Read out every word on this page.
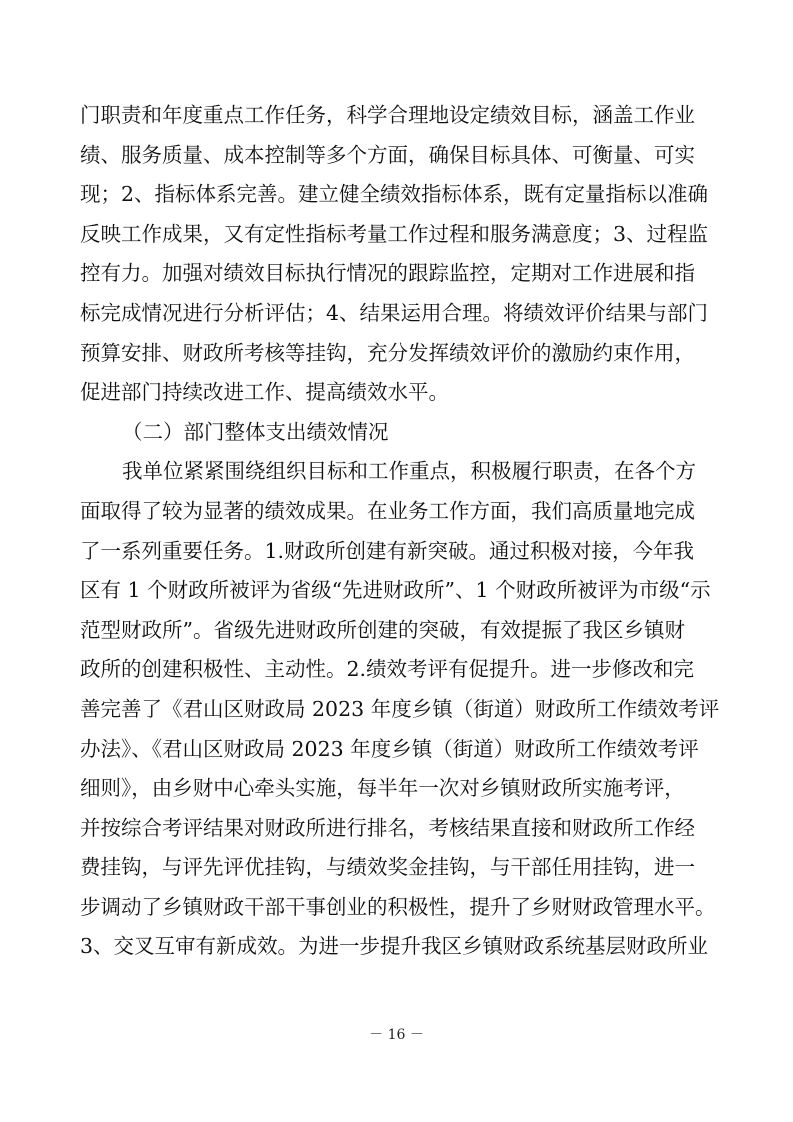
门职责和年度重点工作任务，科学合理地设定绩效目标，涵盖工作业
绩、服务质量、成本控制等多个方面，确保目标具体、可衡量、可实
现；2、指标体系完善。建立健全绩效指标体系，既有定量指标以准确
反映工作成果，又有定性指标考量工作过程和服务满意度；3、过程监
控有力。加强对绩效目标执行情况的跟踪监控，定期对工作进展和指
标完成情况进行分析评估；4、结果运用合理。将绩效评价结果与部门
预算安排、财政所考核等挂钩，充分发挥绩效评价的激励约束作用，
促进部门持续改进工作、提高绩效水平。
（二）部门整体支出绩效情况
我单位紧紧围绕组织目标和工作重点，积极履行职责，在各个方
面取得了较为显著的绩效成果。在业务工作方面，我们高质量地完成
了一系列重要任务。1.财政所创建有新突破。通过积极对接，今年我
区有 1 个财政所被评为省级“先进财政所”、1 个财政所被评为市级“示
范型财政所”。省级先进财政所创建的突破，有效提振了我区乡镇财
政所的创建积极性、主动性。2.绩效考评有促提升。进一步修改和完
善完善了《君山区财政局 2023 年度乡镇（街道）财政所工作绩效考评
办法》、《君山区财政局 2023 年度乡镇（街道）财政所工作绩效考评
细则》，由乡财中心牵头实施，每半年一次对乡镇财政所实施考评，
并按综合考评结果对财政所进行排名，考核结果直接和财政所工作经
费挂钩，与评先评优挂钩，与绩效奖金挂钩，与干部任用挂钩，进一
步调动了乡镇财政干部干事创业的积极性，提升了乡财财政管理水平。
3、交叉互审有新成效。为进一步提升我区乡镇财政系统基层财政所业
－ 16 －
